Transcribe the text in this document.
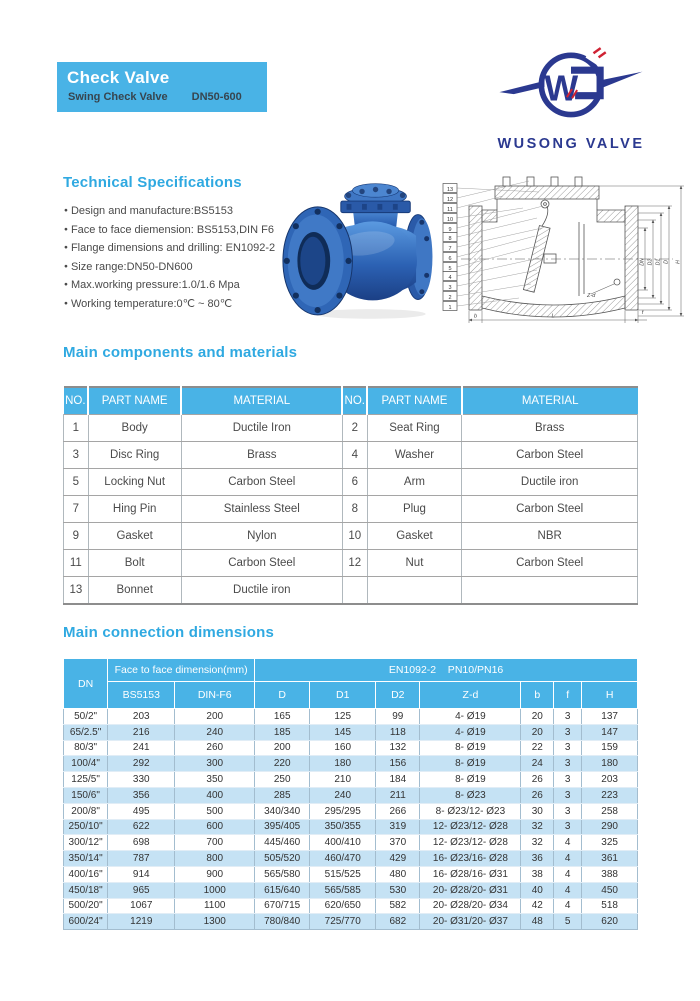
Check Valve
Swing Check Valve DN50-600	W
WUSONG VALVE
Technical Specifications
● Design and manufacture:BS5153
● Face to face diemension: BS5153,DIN F6
● Flange dimensions and drilling: EN1092-2
● Size range:DN50-DN600
● Max.working pressure:1.0/1.6 Mpa
● Working temperature:0℃ ~ 80℃
13
12
11
10
9
8
7
6
5
4
3
2
1
DN D2 D1 D H
b	L
f
Z-d
Main components and materials
NO.	PART NAME	MATERIAL	NO.	PART NAME	MATERIAL
1	Body	Ductile Iron	2	Seat Ring	Brass
3	Disc Ring	Brass	4	Washer	Carbon Steel
5	Locking Nut	Carbon Steel	6	Arm	Ductile iron
7	Hing Pin	Stainless Steel	8	Plug	Carbon Steel
9	Gasket	Nylon	10	Gasket	NBR
11	Bolt	Carbon Steel	12	Nut	Carbon Steel
13	Bonnet	Ductile iron			
Main connection dimensions
DN	Face to face dimension(mm)		EN1092-2    PN10/PN16						
	BS5153	DIN-F6	D	D1	D2	Z-d	b	f	H
50/2"	203	200	165	125	99	4- Ø19	20	3	137
65/2.5"	216	240	185	145	118	4- Ø19	20	3	147
80/3"	241	260	200	160	132	8- Ø19	22	3	159
100/4"	292	300	220	180	156	8- Ø19	24	3	180
125/5"	330	350	250	210	184	8- Ø19	26	3	203
150/6"	356	400	285	240	211	8- Ø23	26	3	223
200/8"	495	500	340/340	295/295	266	8- Ø23/12- Ø23	30	3	258
250/10"	622	600	395/405	350/355	319	12- Ø23/12- Ø28	32	3	290
300/12"	698	700	445/460	400/410	370	12- Ø23/12- Ø28	32	4	325
350/14"	787	800	505/520	460/470	429	16- Ø23/16- Ø28	36	4	361
400/16"	914	900	565/580	515/525	480	16- Ø28/16- Ø31	38	4	388
450/18"	965	1000	615/640	565/585	530	20- Ø28/20- Ø31	40	4	450
500/20"	1067	1100	670/715	620/650	582	20- Ø28/20- Ø34	42	4	518
600/24"	1219	1300	780/840	725/770	682	20- Ø31/20- Ø37	48	5	620
